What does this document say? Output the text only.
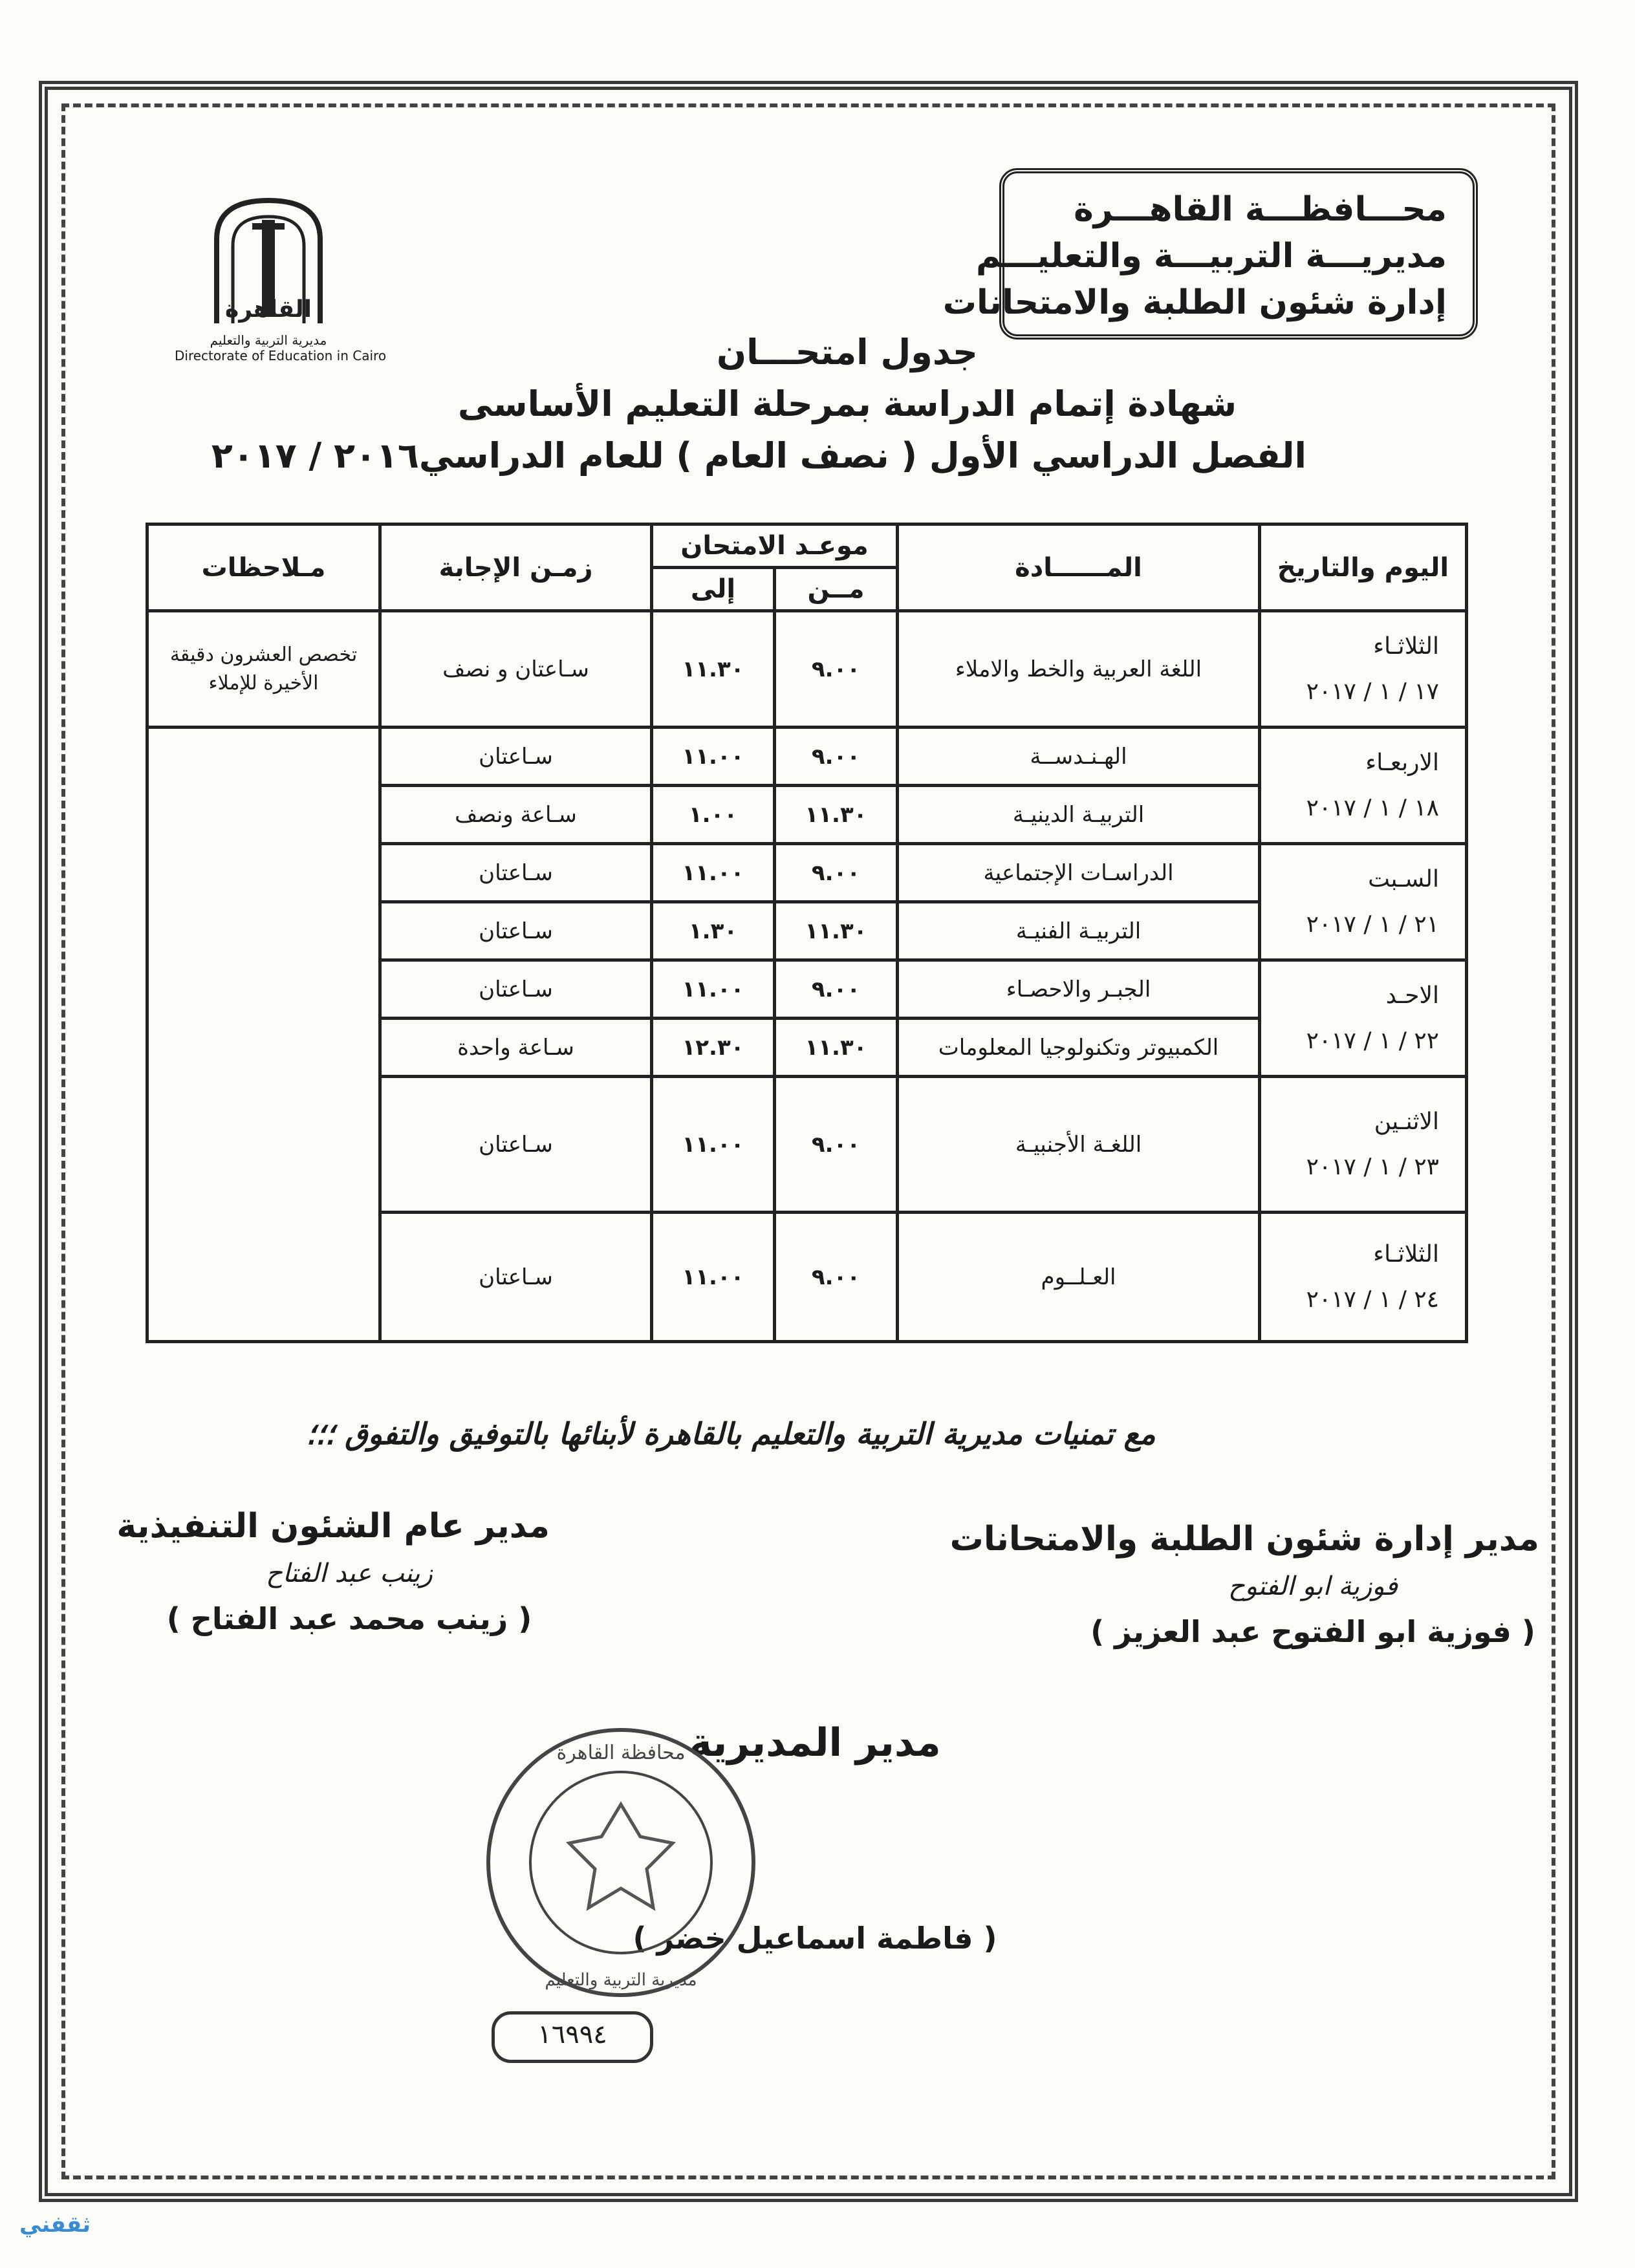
محـــافظـــة القاهـــرة
مديريـــة التربيـــة والتعليـــم
إدارة شئون الطلبة والامتحانات
القاهرة
مديرية التربية والتعليم
Directorate of Education in Cairo	جدول امتحـــان
شهادة إتمام الدراسة بمرحلة التعليم الأساسى
الفصل الدراسي الأول ( نصف العام ) للعام الدراسي٢٠١٦ / ٢٠١٧
اليوم والتاريخ	المــــــادة	موعـد الامتحان		زمـن الإجابة	مـلاحظات
		مــن	إلى		

الثلاثـاء
١٧ / ١ / ٢٠١٧	اللغة العربية والخط والاملاء	٩.٠٠	١١.٣٠	سـاعتان و نصف	تخصص العشرون دقيقة الأخيرة للإملاء

الاربعـاء
١٨ / ١ / ٢٠١٧	الهـنـدســة	٩.٠٠	١١.٠٠	سـاعتان	
	التربيـة الدينيـة	١١.٣٠	١.٠٠	سـاعة ونصف	

السـبت
٢١ / ١ / ٢٠١٧	الدراسـات الإجتماعية	٩.٠٠	١١.٠٠	سـاعتان	
	التربيـة الفنيـة	١١.٣٠	١.٣٠	سـاعتان	

الاحـد
٢٢ / ١ / ٢٠١٧	الجبـر والاحصـاء	٩.٠٠	١١.٠٠	سـاعتان	
	الكمبيوتر وتكنولوجيا المعلومات	١١.٣٠	١٢.٣٠	سـاعة واحدة	

الاثنـين
٢٣ / ١ / ٢٠١٧	اللغـة الأجنبيـة	٩.٠٠	١١.٠٠	سـاعتان	

الثلاثـاء
٢٤ / ١ / ٢٠١٧	العـلــوم	٩.٠٠	١١.٠٠	سـاعتان	
مع تمنيات مديرية التربية والتعليم بالقاهرة لأبنائها بالتوفيق والتفوق ؛؛؛
مدير إدارة شئون الطلبة والامتحانات
فوزية ابو الفتوح
( فوزية ابو الفتوح عبد العزيز )
مدير عام الشئون التنفيذية
زينب عبد الفتاح
( زينب محمد عبد الفتاح )
مدير المديرية
( فاطمة اسماعيل خضر )
محافظة القاهرة
مديرية التربية والتعليم
١٦٩٩٤
ثقفني
